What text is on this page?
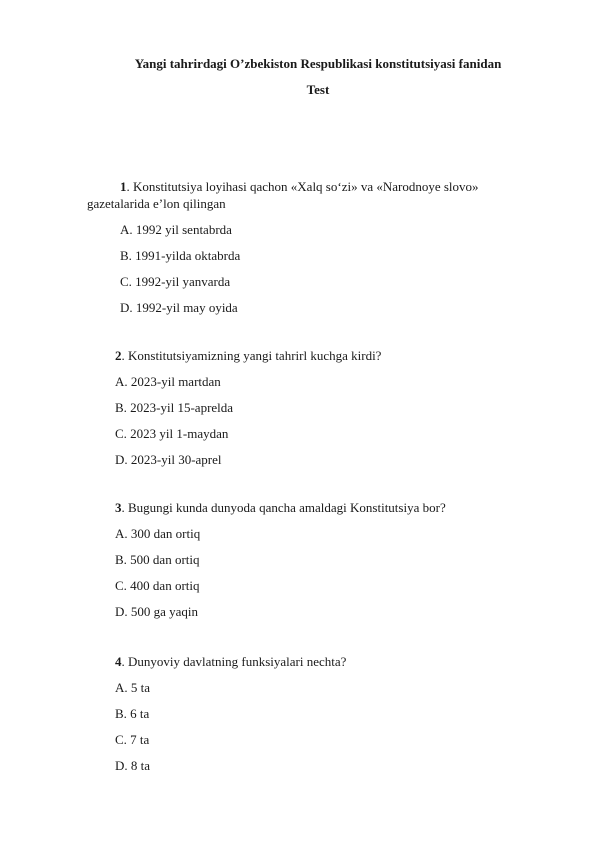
Yangi tahrirdagi O’zbekiston Respublikasi konstitutsiyasi fanidan
Test
1. Konstitutsiya loyihasi qachon «Xalq so‘zi» va «Narodnoye slovo»
gazetalarida e’lon qilingan
A. 1992 yil sentabrda
B. 1991-yilda oktabrda
C. 1992-yil yanvarda
D. 1992-yil may oyida
2. Konstitutsiyamizning yangi tahrirl kuchga kirdi?
A. 2023-yil martdan
B. 2023-yil 15-aprelda
C. 2023 yil 1-maydan
D. 2023-yil 30-aprel
3. Bugungi kunda dunyoda qancha amaldagi Konstitutsiya bor?
A. 300 dan ortiq
B. 500 dan ortiq
C. 400 dan ortiq
D. 500 ga yaqin
4. Dunyoviy davlatning funksiyalari nechta?
A. 5 ta
B. 6 ta
C. 7 ta
D. 8 ta
